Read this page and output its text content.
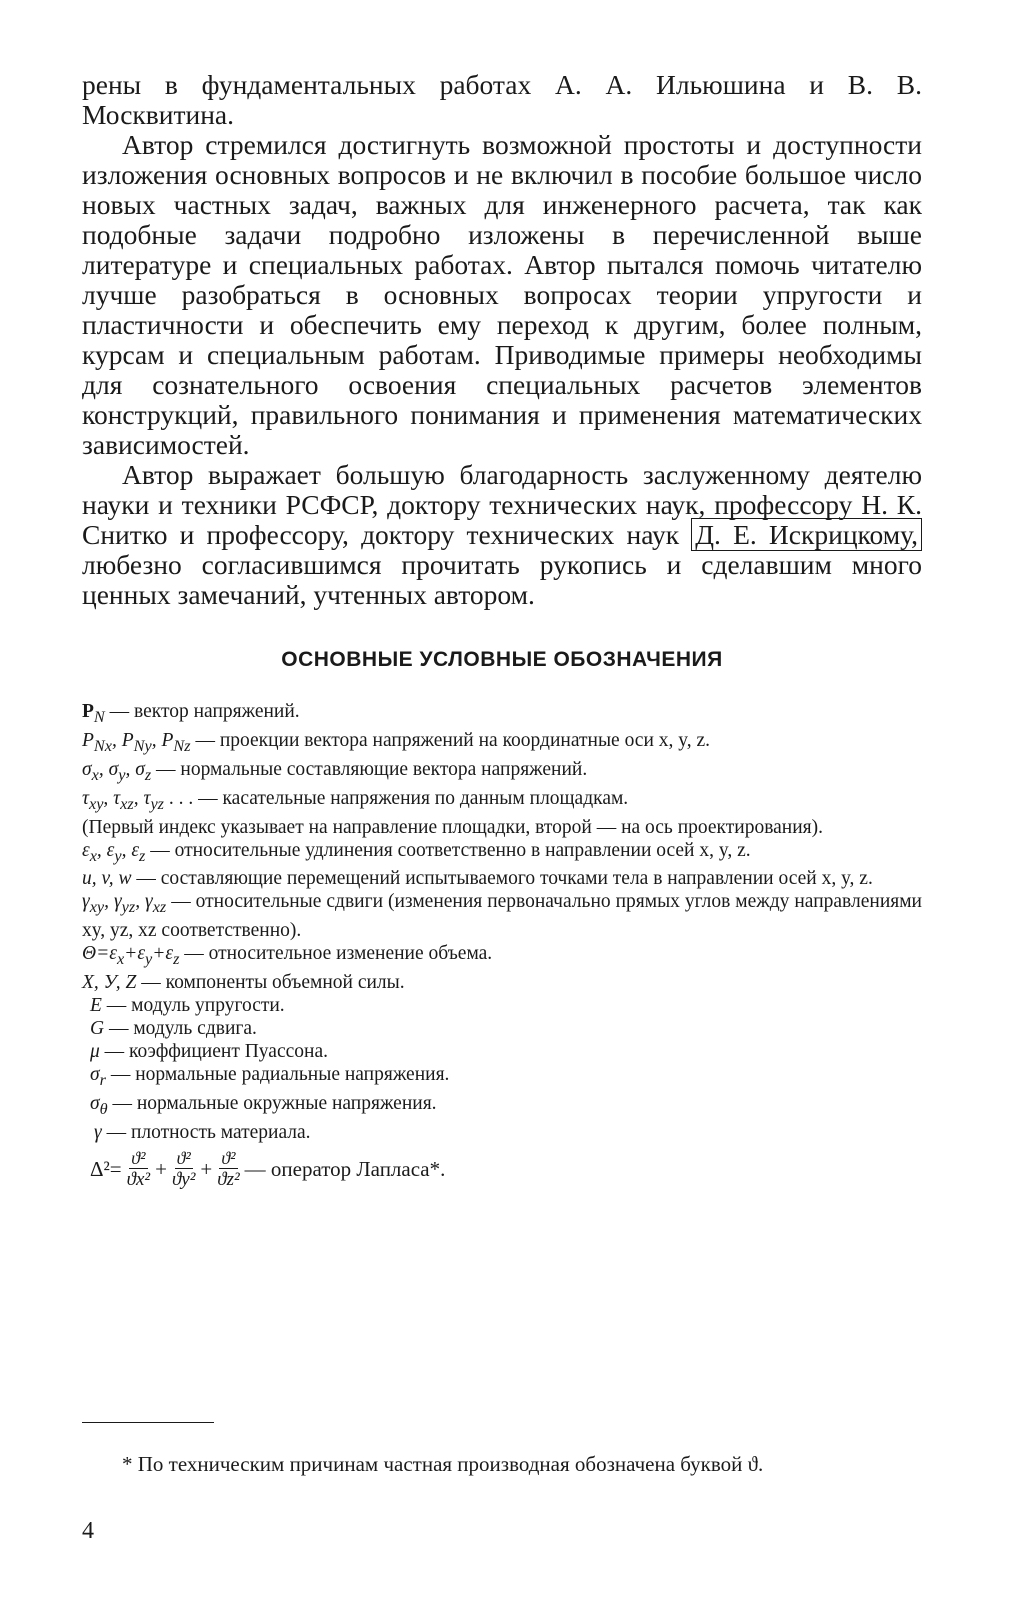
рены в фундаментальных работах А. А. Ильюшина и В. В. Москвитина.

Автор стремился достигнуть возможной простоты и доступности изложения основных вопросов и не включил в пособие большое число новых частных задач, важных для инженерного расчета, так как подобные задачи подробно изложены в перечисленной выше литературе и специальных работах. Автор пытался помочь читателю лучше разобраться в основных вопросах теории упругости и пластичности и обеспечить ему переход к другим, более полным, курсам и специальным работам. Приводимые примеры необходимы для сознательного освоения специальных расчетов элементов конструкций, правильного понимания и применения математических зависимостей.

Автор выражает большую благодарность заслуженному деятелю науки и техники РСФСР, доктору технических наук, профессору Н. К. Снитко и профессору, доктору технических наук Д. Е. Искрицкому, любезно согласившимся прочитать рукопись и сделавшим много ценных замечаний, учтенных автором.

ОСНОВНЫЕ УСЛОВНЫЕ ОБОЗНАЧЕНИЯ

$P_N$ — вектор напряжений.

$P_{Nx}$, $P_{Ny}$, $P_{Nz}$ — проекции вектора напряжений на координатные оси x, y, z.

$\sigma_x$, $\sigma_y$, $\sigma_z$ — нормальные составляющие вектора напряжений.

$\tau_{xy}$, $\tau_{xz}$, $\tau_{yz}$ . . . — касательные напряжения по данным площадкам.

(Первый индекс указывает на направление площадки, второй — на ось проектирования).

$\varepsilon_x$, $\varepsilon_y$, $\varepsilon_z$ — относительные удлинения соответственно в направлении осей x, y, z.

u, v, w — составляющие перемещений испытываемого точками тела в направлении осей x, y, z.

$\gamma_{xy}$, $\gamma_{yz}$, $\gamma_{xz}$ — относительные сдвиги (изменения первоначально прямых углов между направлениями xy, yz, xz соответственно).

$\Theta=\varepsilon_x+\varepsilon_y+\varepsilon_z$ — относительное изменение объема.

X, У, Z — компоненты объемной силы.

E — модуль упругости.

G — модуль сдвига.

μ — коэффициент Пуассона.

$\sigma_r$ — нормальные радиальные напряжения.

$\sigma_\theta$ — нормальные окружные напряжения.

γ — плотность материала.

$\Delta^2= \frac{\text{ϑ²}}{\text{ϑx²}} + \frac{\text{ϑ²}}{\text{ϑy²}} + \frac{\text{ϑ²}}{\text{ϑz²}}$ — оператор Лапласа*.
* По техническим причинам частная производная обозначена буквой ϑ.
4
